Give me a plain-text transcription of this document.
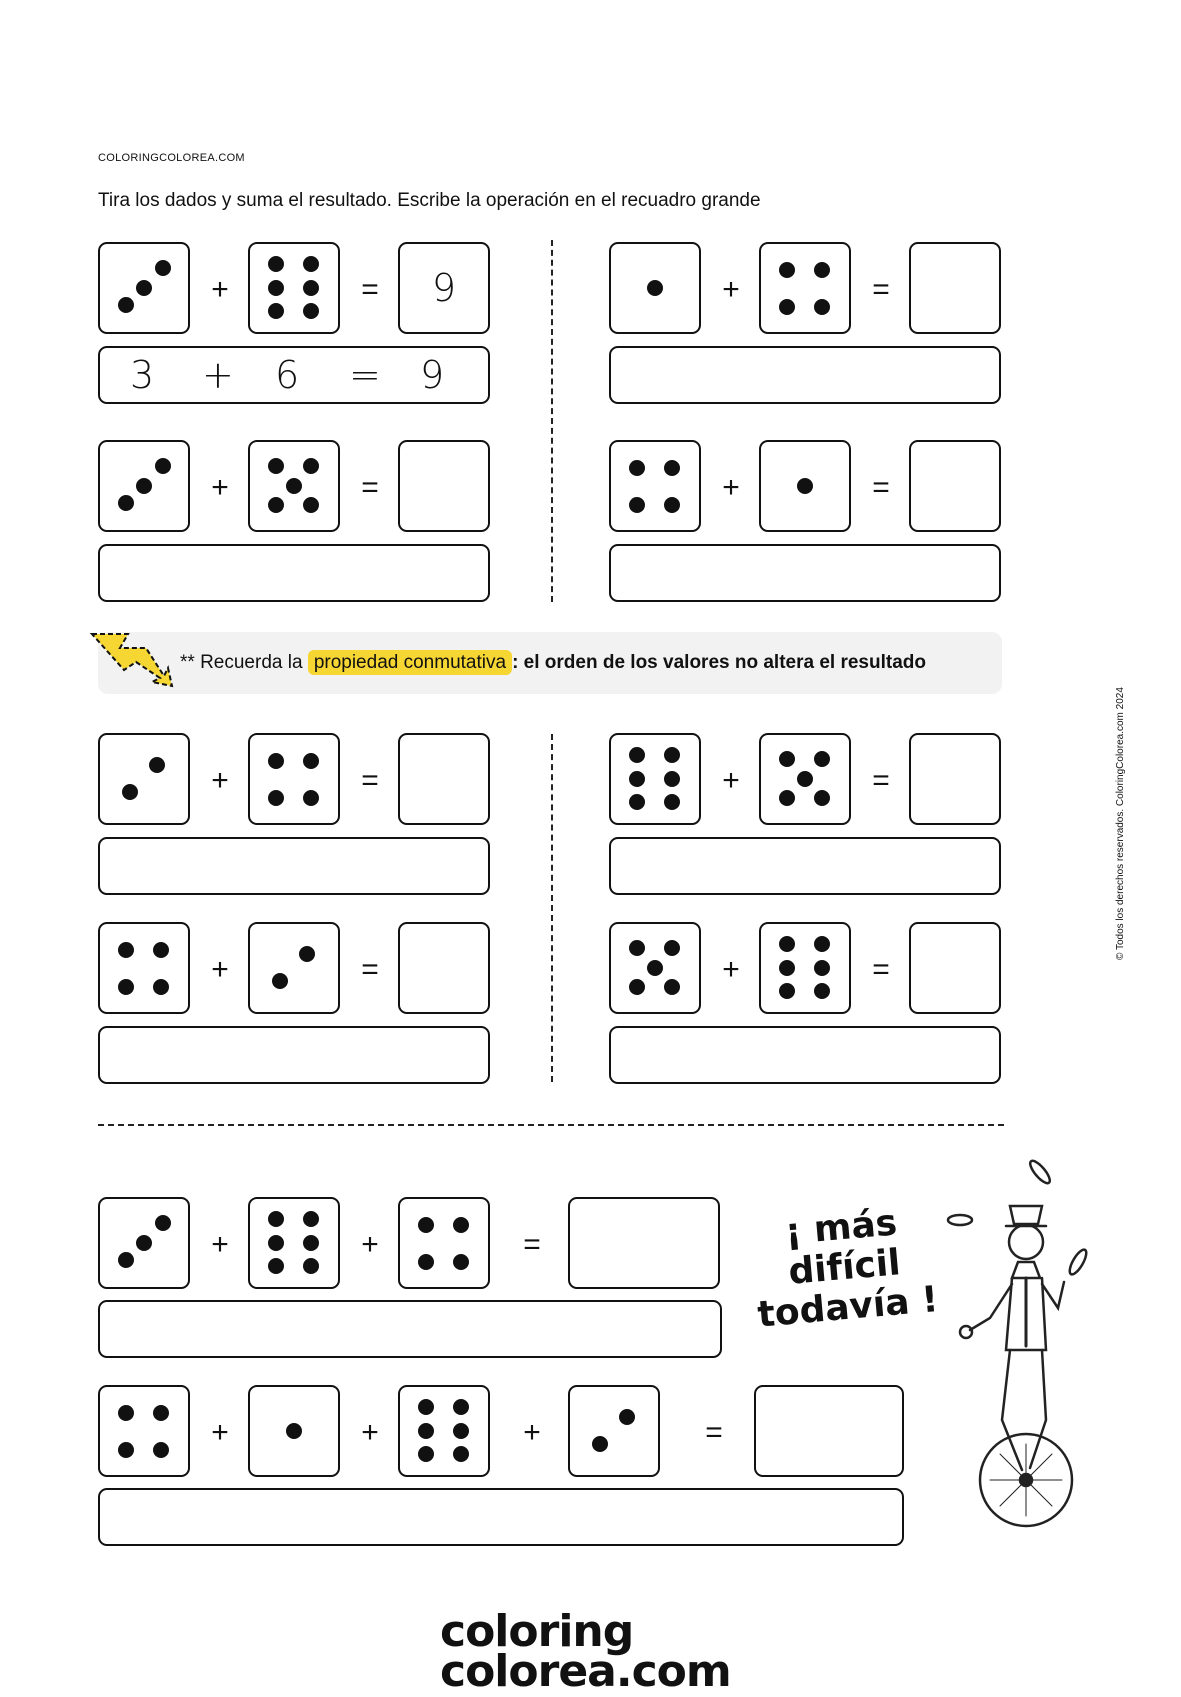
COLORINGCOLOREA.COM
Tira los dados y suma el resultado. Escribe la operación en el recuadro grande
+	=	9
3 + 6 = 9
+	=
+	=	+	=
+	=	+	=
+	=	+	=
+	+	=
+	+	+	=
** Recuerda la propiedad conmutativa : el orden de los valores no altera el resultado
© Todos los derechos reservados. ColoringColorea.com 2024
¡ más
difícil
todavía !
coloring
colorea.com
